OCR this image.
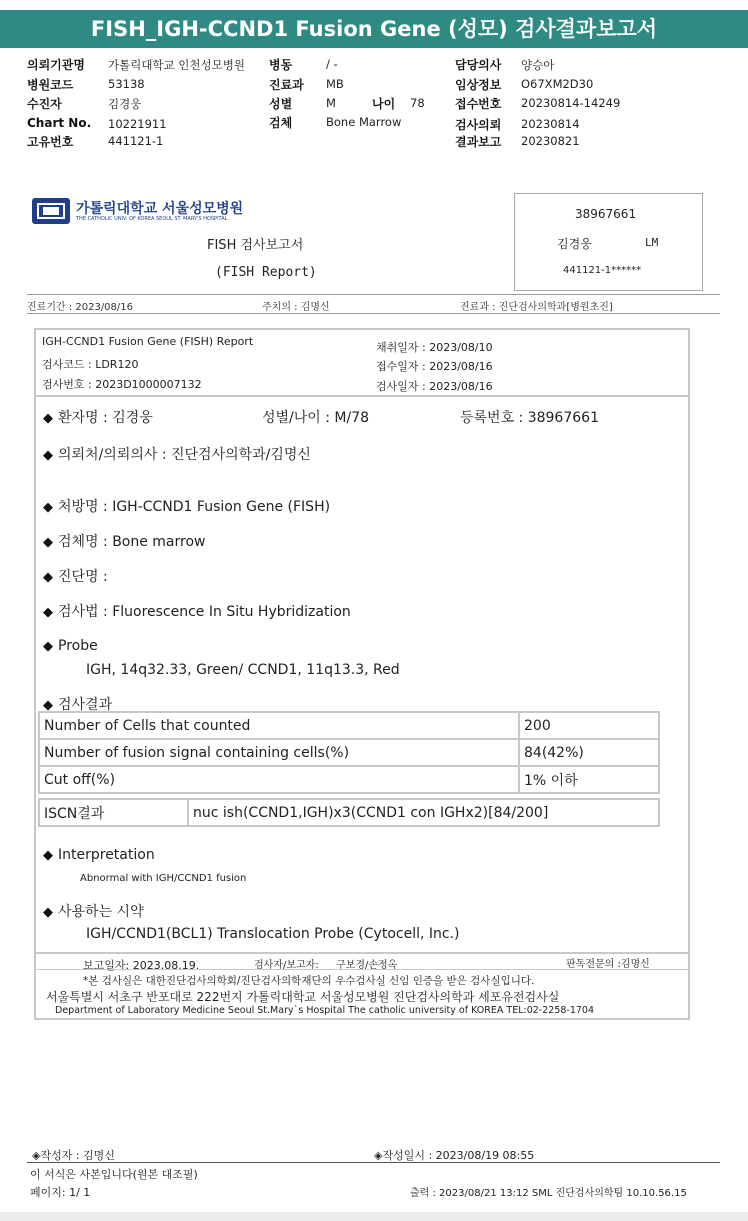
FISH_IGH-CCND1 Fusion Gene (성모) 검사결과보고서
의뢰기관명 가톨릭대학교 인천성모병원
병원코드	53138
수진자	김경웅
Chart No. 10221911
고유번호	441121-1
병동	/ -
진료과 MB
성별	M	나이 78
검체	Bone Marrow
담당의사 양승아
임상정보 O67XM2D30
접수번호 20230814-14249
검사의뢰 20230814
결과보고 20230821
가톨릭대학교 서울성모병원
THE CATHOLIC UNIV. OF KOREA SEOUL ST. MARY'S HOSPITAL
FISH 검사보고서
(FISH Report)
38967661
김경웅	LM
441121-1******
진료기간 : 2023/08/16	주치의 : 김명신	진료과 : 진단검사의학과[병원초진]
IGH-CCND1 Fusion Gene (FISH) Report
검사코드 : LDR120
검사번호 : 2023D1000007132
채취일자 : 2023/08/10
접수일자 : 2023/08/16
검사일자 : 2023/08/16
◆ 환자명 : 김경웅	성별/나이 : M/78	등록번호 : 38967661
◆ 의뢰처/의뢰의사 : 진단검사의학과/김명신
◆ 처방명 : IGH-CCND1 Fusion Gene (FISH)
◆ 검체명 : Bone marrow
◆ 진단명 :
◆ 검사법 : Fluorescence In Situ Hybridization
◆ Probe
IGH, 14q32.33, Green/ CCND1, 11q13.3, Red
◆ 검사결과
Number of Cells that counted	200
Number of fusion signal containing cells(%)	84(42%)
Cut off(%)	1% 이하
ISCN결과	nuc ish(CCND1,IGH)x3(CCND1 con IGHx2)[84/200]
◆ Interpretation
Abnormal with IGH/CCND1 fusion
◆ 사용하는 시약
IGH/CCND1(BCL1) Translocation Probe (Cytocell, Inc.)
보고일자: 2023.08.19.	검사자/보고자: 구보경/손정옥	판독전문의 :김명신
*본 검사실은 대한진단검사의학회/진단검사의학재단의 우수검사실 신임 인증을 받은 검사실입니다.
서울특별시 서초구 반포대로 222번지 가톨릭대학교 서울성모병원 진단검사의학과 세포유전검사실
Department of Laboratory Medicine Seoul St.Mary`s Hospital The catholic university of KOREA TEL:02-2258-1704
◈작성자 : 김명신	◈작성일시 : 2023/08/19 08:55
이 서식은 사본입니다(원본 대조필)
페이지: 1/ 1	출력 : 2023/08/21 13:12 SML 진단검사의학팀 10.10.56.15
